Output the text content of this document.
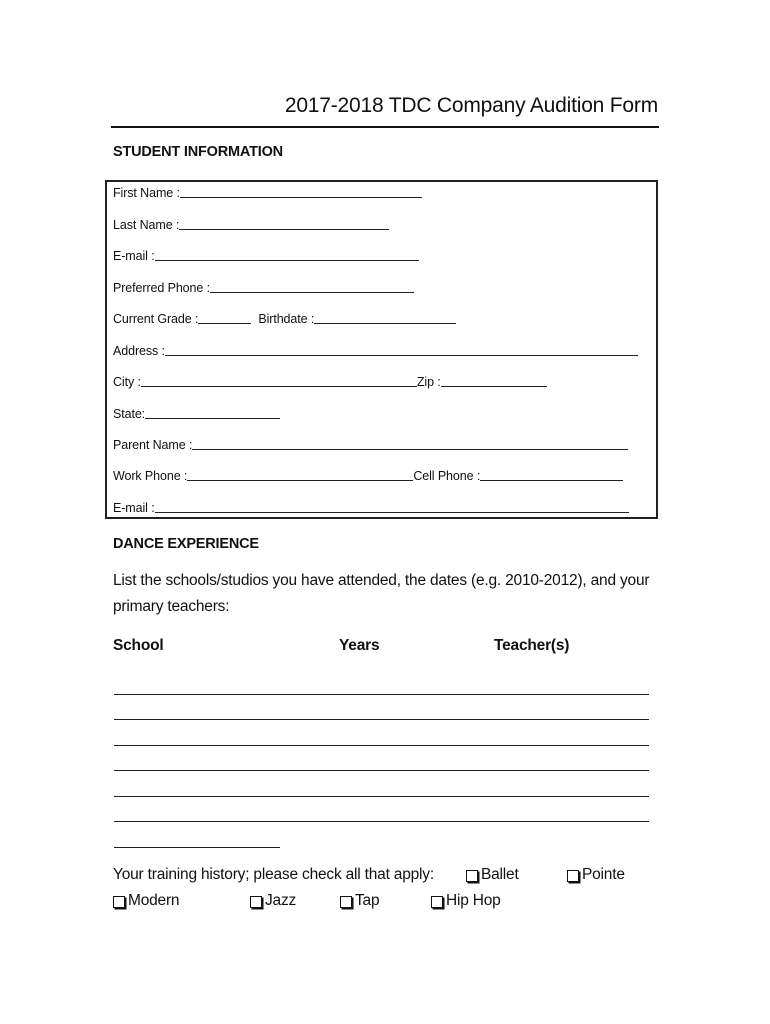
2017-2018 TDC Company Audition Form
STUDENT INFORMATION
First Name :
Last Name :
E-mail :
Preferred Phone :
Current Grade :	Birthdate :
Address :
City :	Zip :
State:
Parent Name :
Work Phone :	Cell Phone :
E-mail :
DANCE EXPERIENCE
List the schools/studios you have attended, the dates (e.g. 2010-2012), and your primary teachers:
School	Years	Teacher(s)
Your training history; please check all that apply:	Ballet	Pointe
Modern	Jazz	Tap	Hip Hop
